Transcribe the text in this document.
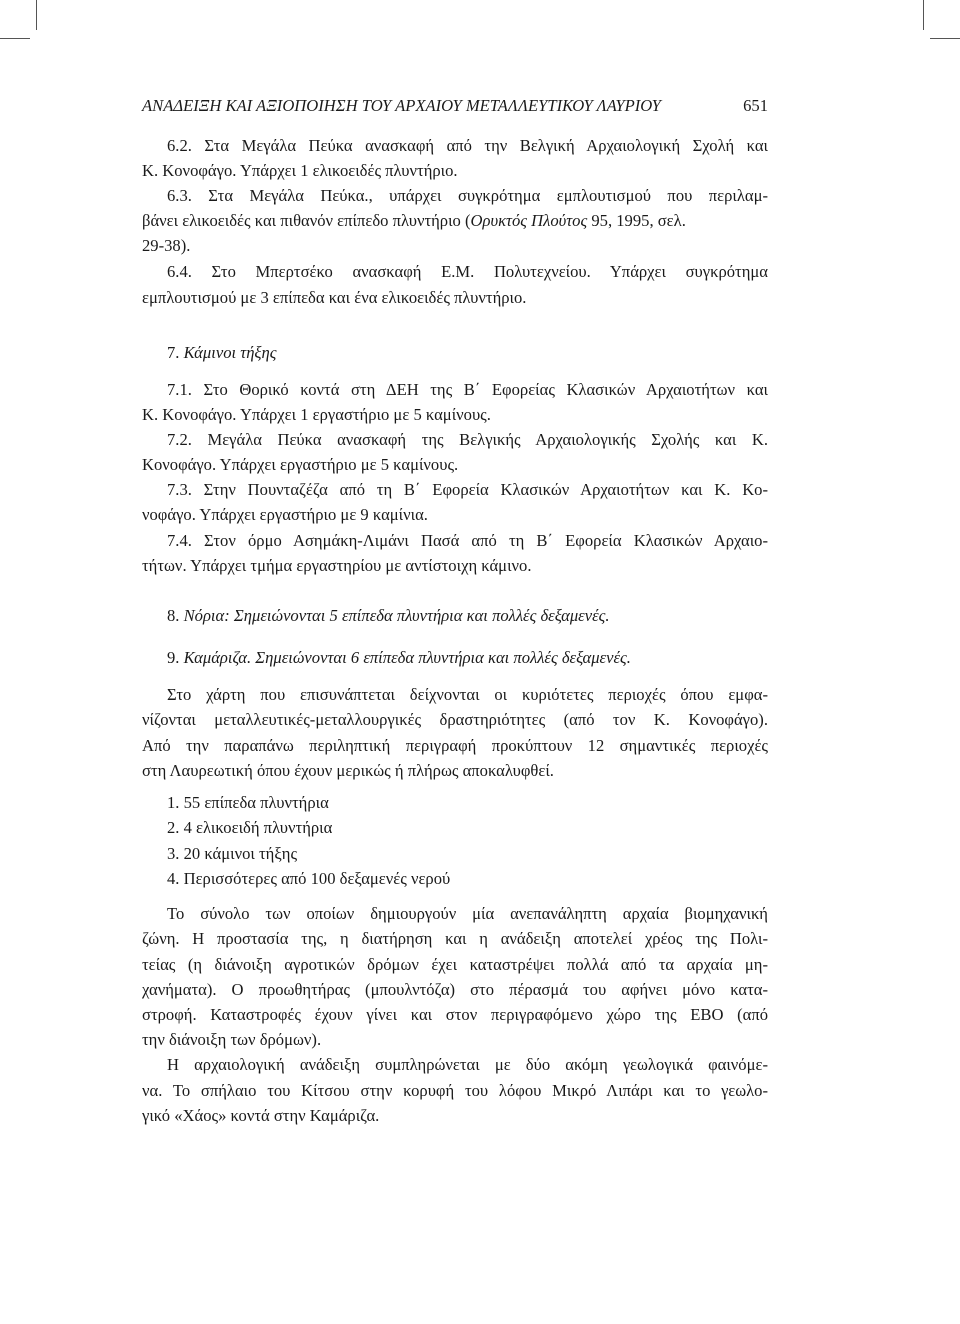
ΑΝΑΔΕΙΞΗ ΚΑΙ ΑΞΙΟΠΟΙΗΣΗ ΤΟΥ ΑΡΧΑΙΟΥ ΜΕΤΑΛΛΕΥΤΙΚΟΥ ΛΑΥΡΙΟΥ	651
6.2. Στα Μεγάλα Πεύκα ανασκαφή από την Βελγική Αρχαιολογική Σχολή και
Κ. Κονοφάγο. Υπάρχει 1 ελικοειδές πλυντήριο.
6.3. Στα Μεγάλα Πεύκα., υπάρχει συγκρότημα εμπλουτισμού που περιλαμ-
βάνει ελικοειδές και πιθανόν επίπεδο πλυντήριο (Ορυκτός Πλούτος 95, 1995, σελ.
29-38).
6.4. Στο Μπερτσέκο ανασκαφή Ε.Μ. Πολυτεχνείου. Υπάρχει συγκρότημα
εμπλουτισμού με 3 επίπεδα και ένα ελικοειδές πλυντήριο.
7. Κάμινοι τήξης
7.1. Στο Θορικό κοντά στη ΔΕΗ της Β΄ Εφορείας Κλασικών Αρχαιοτήτων και
Κ. Κονοφάγο. Υπάρχει 1 εργαστήριο με 5 καμίνους.
7.2. Μεγάλα Πεύκα ανασκαφή της Βελγικής Αρχαιολογικής Σχολής και Κ.
Κονοφάγο. Υπάρχει εργαστήριο με 5 καμίνους.
7.3. Στην Πουνταζέζα από τη Β΄ Εφορεία Κλασικών Αρχαιοτήτων και Κ. Κο-
νοφάγο. Υπάρχει εργαστήριο με 9 καμίνια.
7.4. Στον όρμο Ασημάκη-Λιμάνι Πασά από τη Β΄ Εφορεία Κλασικών Αρχαιο-
τήτων. Υπάρχει τμήμα εργαστηρίου με αντίστοιχη κάμινο.
8. Νόρια: Σημειώνονται 5 επίπεδα πλυντήρια και πολλές δεξαμενές.
9. Καμάριζα. Σημειώνονται 6 επίπεδα πλυντήρια και πολλές δεξαμενές.
Στο χάρτη που επισυνάπτεται δείχνονται οι κυριότετες περιοχές όπου εμφα-
νίζονται μεταλλευτικές-μεταλλουργικές δραστηριότητες (από τον Κ. Κονοφάγο).
Από την παραπάνω περιληπτική περιγραφή προκύπτουν 12 σημαντικές περιοχές
στη Λαυρεωτική όπου έχουν μερικώς ή πλήρως αποκαλυφθεί.
1. 55 επίπεδα πλυντήρια
2. 4 ελικοειδή πλυντήρια
3. 20 κάμινοι τήξης
4. Περισσότερες από 100 δεξαμενές νερού
Το σύνολο των οποίων δημιουργούν μία ανεπανάληπτη αρχαία βιομηχανική
ζώνη. Η προστασία της, η διατήρηση και η ανάδειξη αποτελεί χρέος της Πολι-
τείας (η διάνοιξη αγροτικών δρόμων έχει καταστρέψει πολλά από τα αρχαία μη-
χανήματα). Ο προωθητήρας (μπουλντόζα) στο πέρασμά του αφήνει μόνο κατα-
στροφή. Καταστροφές έχουν γίνει και στον περιγραφόμενο χώρο της ΕΒΟ (από
την διάνοιξη των δρόμων).
Η αρχαιολογική ανάδειξη συμπληρώνεται με δύο ακόμη γεωλογικά φαινόμε-
να. Το σπήλαιο του Κίτσου στην κορυφή του λόφου Μικρό Λιπάρι και το γεωλο-
γικό «Χάος» κοντά στην Καμάριζα.
